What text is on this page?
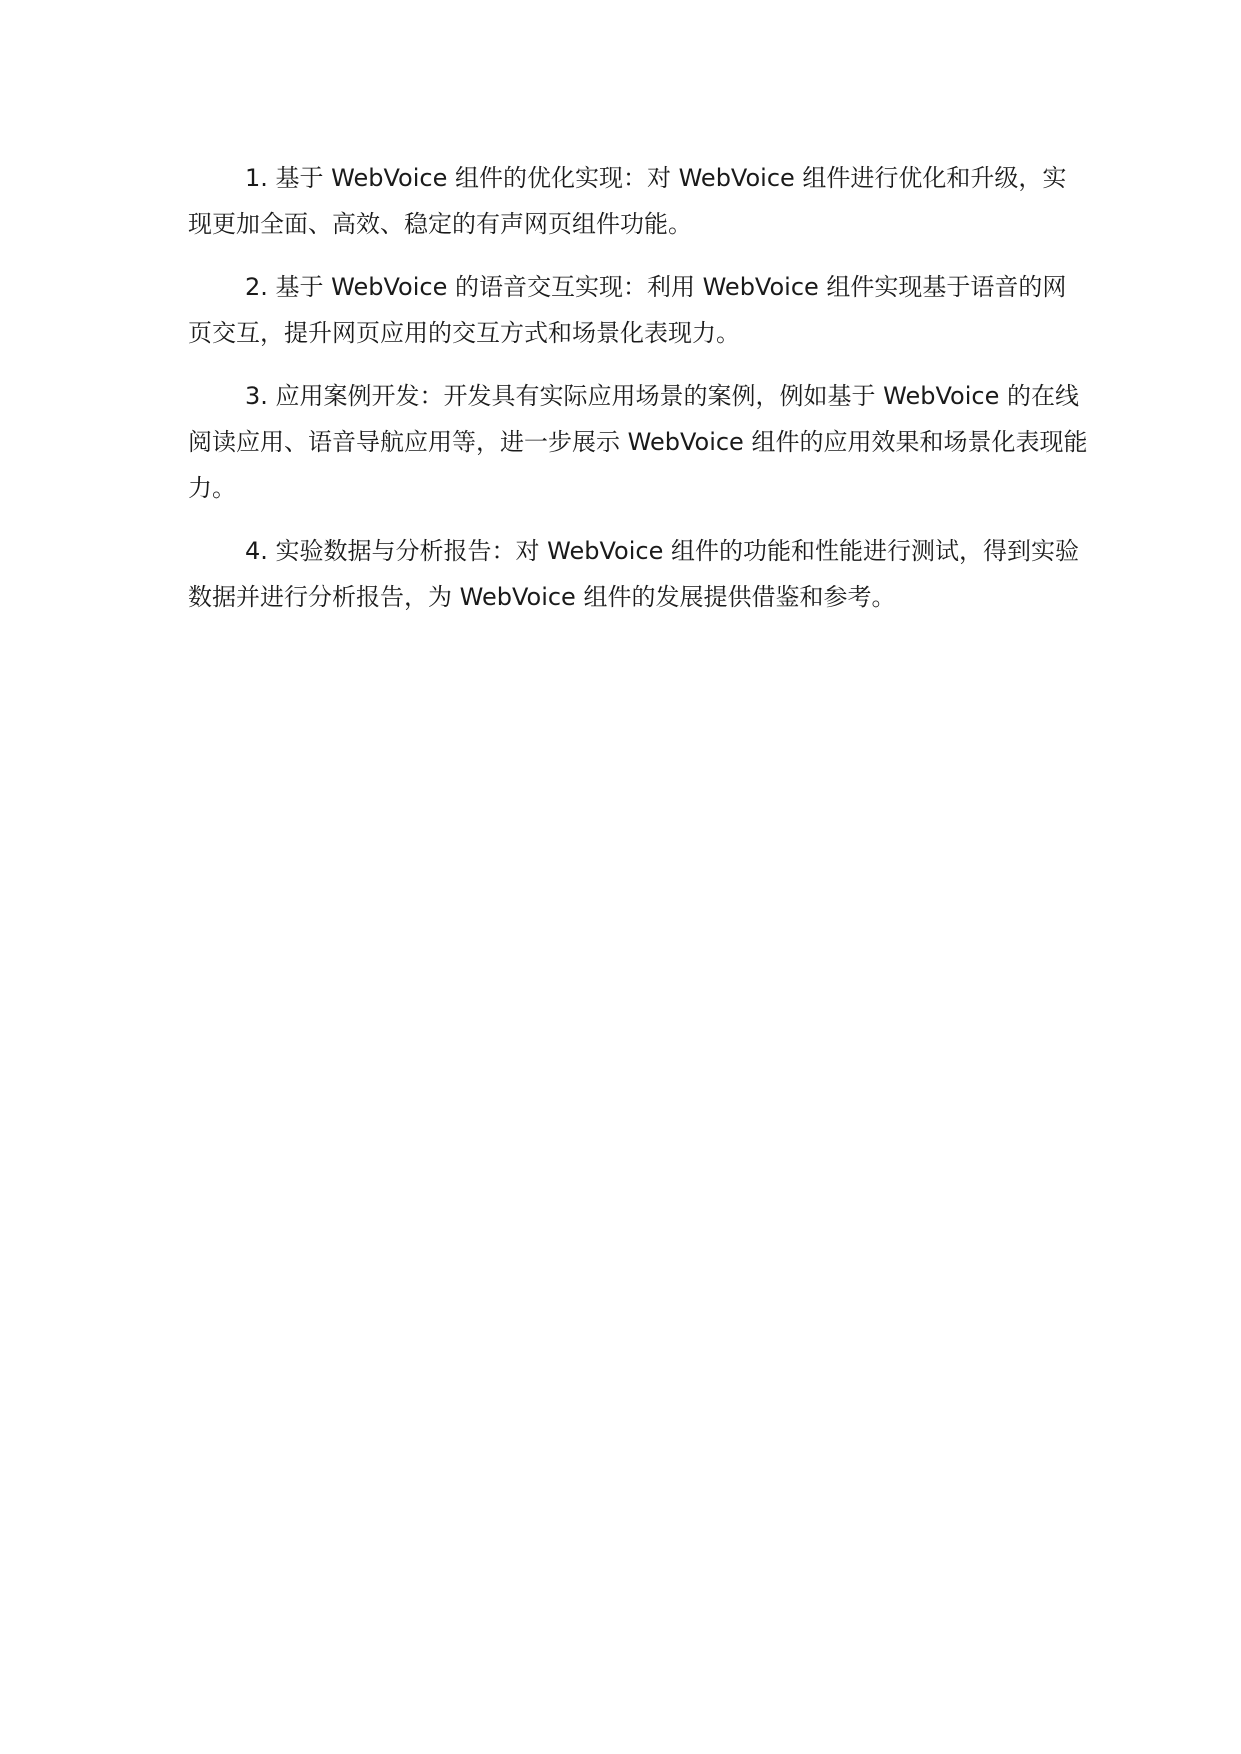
1. 基于 WebVoice 组件的优化实现：对 WebVoice 组件进行优化和升级，实现更加全面、高效、稳定的有声网页组件功能。

2. 基于 WebVoice 的语音交互实现：利用 WebVoice 组件实现基于语音的网页交互，提升网页应用的交互方式和场景化表现力。

3. 应用案例开发：开发具有实际应用场景的案例，例如基于 WebVoice 的在线阅读应用、语音导航应用等，进一步展示 WebVoice 组件的应用效果和场景化表现能力。

4. 实验数据与分析报告：对 WebVoice 组件的功能和性能进行测试，得到实验数据并进行分析报告，为 WebVoice 组件的发展提供借鉴和参考。
